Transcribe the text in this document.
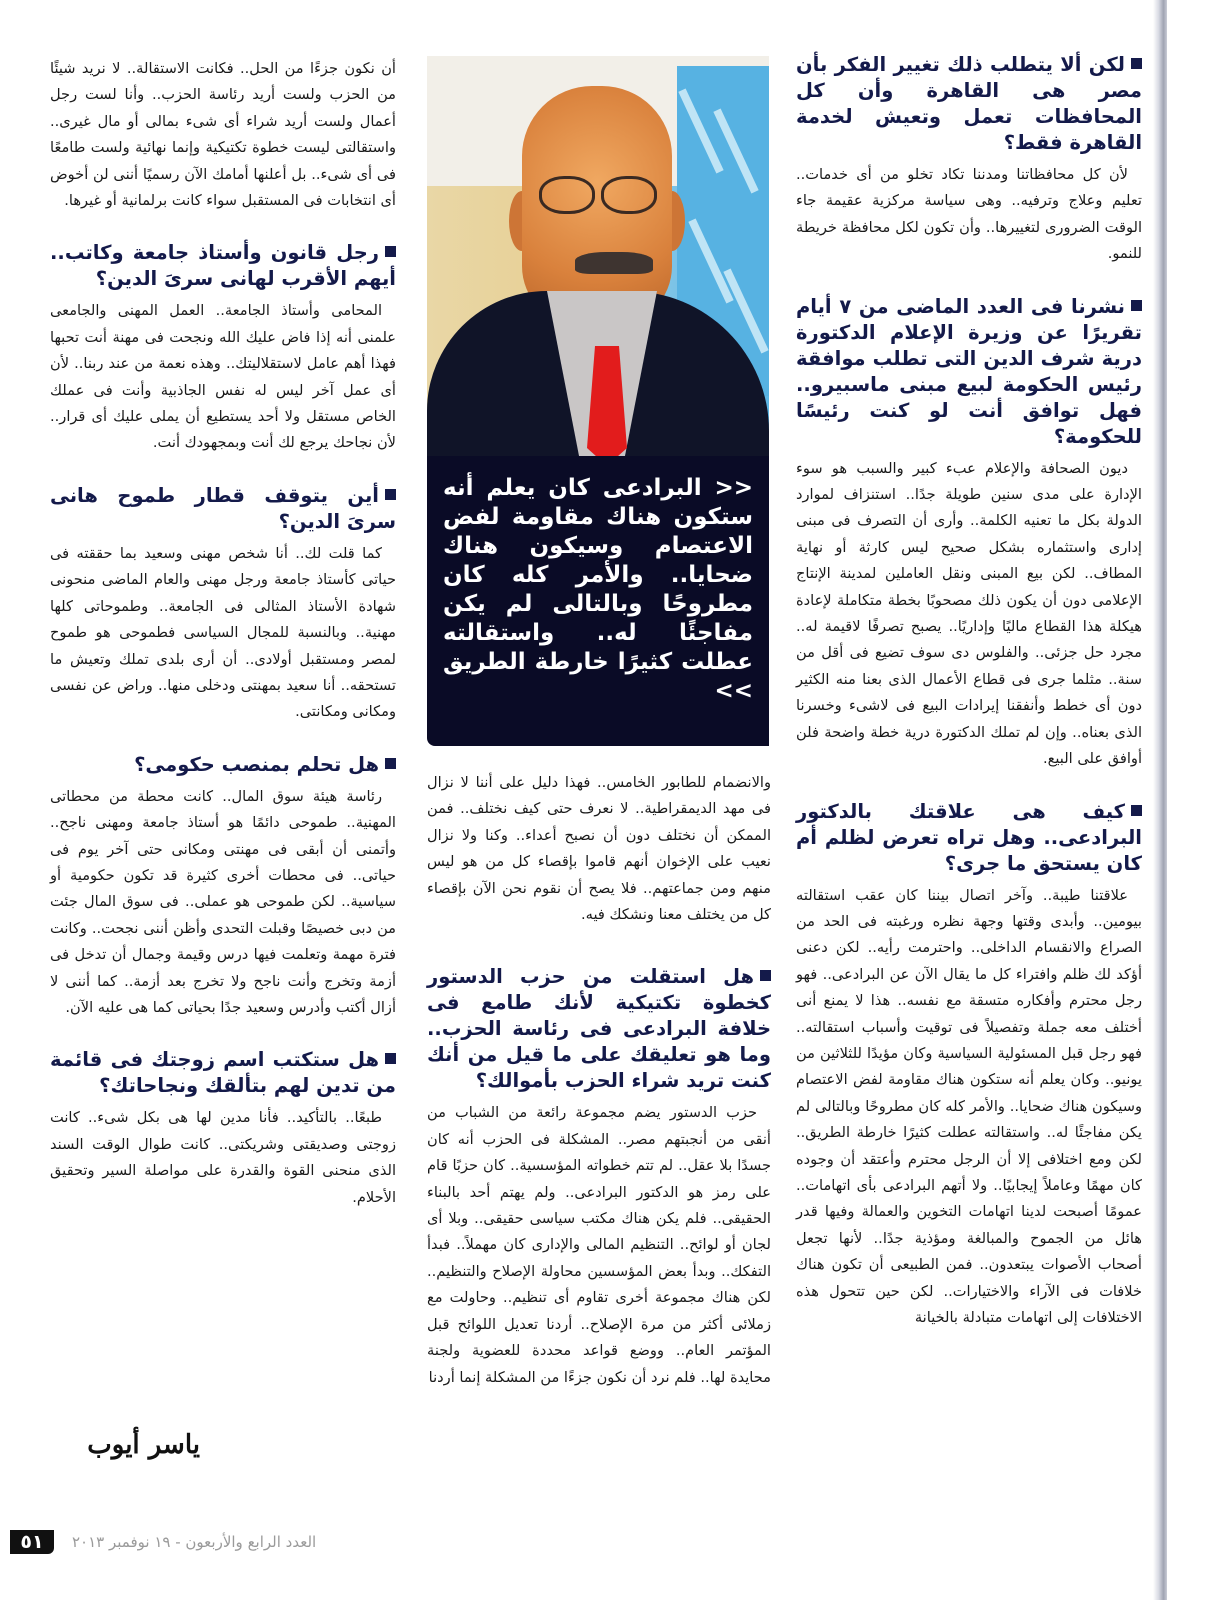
لكن ألا يتطلب ذلك تغيير الفكر بأن مصر هى القاهرة وأن كل المحافظات تعمل وتعيش لخدمة القاهرة فقط؟

لأن كل محافظاتنا ومدننا تكاد تخلو من أى خدمات.. تعليم وعلاج وترفيه.. وهى سياسة مركزية عقيمة جاء الوقت الضرورى لتغييرها.. وأن تكون لكل محافظة خريطة للنمو.

نشرنا فى العدد الماضى من ٧ أيام تقريرًا عن وزيرة الإعلام الدكتورة درية شرف الدين التى تطلب موافقة رئيس الحكومة لبيع مبنى ماسبيرو.. فهل توافق أنت لو كنت رئيسًا للحكومة؟

ديون الصحافة والإعلام عبء كبير والسبب هو سوء الإدارة على مدى سنين طويلة جدًا.. استنزاف لموارد الدولة بكل ما تعنيه الكلمة.. وأرى أن التصرف فى مبنى إدارى واستثماره بشكل صحيح ليس كارثة أو نهاية المطاف.. لكن بيع المبنى ونقل العاملين لمدينة الإنتاج الإعلامى دون أن يكون ذلك مصحوبًا بخطة متكاملة لإعادة هيكلة هذا القطاع ماليًا وإداريًا.. يصبح تصرفًا لاقيمة له.. مجرد حل جزئى.. والفلوس دى سوف تضيع فى أقل من سنة.. مثلما جرى فى قطاع الأعمال الذى بعنا منه الكثير دون أى خطط وأنفقنا إيرادات البيع فى لاشىء وخسرنا الذى بعناه.. وإن لم تملك الدكتورة درية خطة واضحة فلن أوافق على البيع.

كيف هى علاقتك بالدكتور البرادعى.. وهل تراه تعرض لظلم أم كان يستحق ما جرى؟

علاقتنا طيبة.. وآخر اتصال بيننا كان عقب استقالته بيومين.. وأبدى وقتها وجهة نظره ورغبته فى الحد من الصراع والانقسام الداخلى.. واحترمت رأيه.. لكن دعنى أؤكد لك ظلم وافتراء كل ما يقال الآن عن البرادعى.. فهو رجل محترم وأفكاره متسقة مع نفسه.. هذا لا يمنع أنى أختلف معه جملة وتفصيلاً فى توقيت وأسباب استقالته.. فهو رجل قبل المسئولية السياسية وكان مؤيدًا للثلاثين من يونيو.. وكان يعلم أنه ستكون هناك مقاومة لفض الاعتصام وسيكون هناك ضحايا.. والأمر كله كان مطروحًا وبالتالى لم يكن مفاجئًا له.. واستقالته عطلت كثيرًا خارطة الطريق.. لكن ومع اختلافى إلا أن الرجل محترم وأعتقد أن وجوده كان مهمًا وعاملاً إيجابيًا.. ولا أتهم البرادعى بأى اتهامات.. عمومًا أصبحت لدينا اتهامات التخوين والعمالة وفيها قدر هائل من الجموح والمبالغة ومؤذية جدًا.. لأنها تجعل أصحاب الأصوات يبتعدون.. فمن الطبيعى أن تكون هناك خلافات فى الآراء والاختيارات.. لكن حين تتحول هذه الاختلافات إلى اتهامات متبادلة بالخيانة

<< البرادعى كان يعلم أنه ستكون هناك مقاومة لفض الاعتصام وسيكون هناك ضحايا.. والأمر كله كان مطروحًا وبالتالى لم يكن مفاجئًا له.. واستقالته عطلت كثيرًا خارطة الطريق >>

والانضمام للطابور الخامس.. فهذا دليل على أننا لا نزال فى مهد الديمقراطية.. لا نعرف حتى كيف نختلف.. فمن الممكن أن نختلف دون أن نصبح أعداء.. وكنا ولا نزال نعيب على الإخوان أنهم قاموا بإقصاء كل من هو ليس منهم ومن جماعتهم.. فلا يصح أن نقوم نحن الآن بإقصاء كل من يختلف معنا ونشكك فيه.

هل استقلت من حزب الدستور كخطوة تكتيكية لأنك طامع فى خلافة البرادعى فى رئاسة الحزب.. وما هو تعليقك على ما قيل من أنك كنت تريد شراء الحزب بأموالك؟

حزب الدستور يضم مجموعة رائعة من الشباب من أنقى من أنجبتهم مصر.. المشكلة فى الحزب أنه كان جسدًا بلا عقل.. لم تتم خطواته المؤسسية.. كان حزبًا قام على رمز هو الدكتور البرادعى.. ولم يهتم أحد بالبناء الحقيقى.. فلم يكن هناك مكتب سياسى حقيقى.. وبلا أى لجان أو لوائح.. التنظيم المالى والإدارى كان مهملاً.. فبدأ التفكك.. وبدأ بعض المؤسسين محاولة الإصلاح والتنظيم.. لكن هناك مجموعة أخرى تقاوم أى تنظيم.. وحاولت مع زملائى أكثر من مرة الإصلاح.. أردنا تعديل اللوائح قبل المؤتمر العام.. ووضع قواعد محددة للعضوية ولجنة محايدة لها.. فلم نرد أن نكون جزءًا من المشكلة إنما أردنا

أن نكون جزءًا من الحل.. فكانت الاستقالة.. لا نريد شيئًا من الحزب ولست أريد رئاسة الحزب.. وأنا لست رجل أعمال ولست أريد شراء أى شىء بمالى أو مال غيرى.. واستقالتى ليست خطوة تكتيكية وإنما نهائية ولست طامعًا فى أى شىء.. بل أعلنها أمامك الآن رسميًا أننى لن أخوض أى انتخابات فى المستقبل سواء كانت برلمانية أو غيرها.

رجل قانون وأستاذ جامعة وكاتب.. أيهم الأقرب لهانى سرىَ الدين؟

المحامى وأستاذ الجامعة.. العمل المهنى والجامعى علمنى أنه إذا فاض عليك الله ونجحت فى مهنة أنت تحبها فهذا أهم عامل لاستقلاليتك.. وهذه نعمة من عند ربنا.. لأن أى عمل آخر ليس له نفس الجاذبية وأنت فى عملك الخاص مستقل ولا أحد يستطيع أن يملى عليك أى قرار.. لأن نجاحك يرجع لك أنت وبمجهودك أنت.

أين يتوقف قطار طموح هانى سرىَ الدين؟

كما قلت لك.. أنا شخص مهنى وسعيد بما حققته فى حياتى كأستاذ جامعة ورجل مهنى والعام الماضى منحونى شهادة الأستاذ المثالى فى الجامعة.. وطموحاتى كلها مهنية.. وبالنسبة للمجال السياسى فطموحى هو طموح لمصر ومستقبل أولادى.. أن أرى بلدى تملك وتعيش ما تستحقه.. أنا سعيد بمهنتى ودخلى منها.. وراض عن نفسى ومكانى ومكانتى.

هل تحلم بمنصب حكومى؟

رئاسة هيئة سوق المال.. كانت محطة من محطاتى المهنية.. طموحى دائمًا هو أستاذ جامعة ومهنى ناجح.. وأتمنى أن أبقى فى مهنتى ومكانى حتى آخر يوم فى حياتى.. فى محطات أخرى كثيرة قد تكون حكومية أو سياسية.. لكن طموحى هو عملى.. فى سوق المال جئت من دبى خصيصًا وقبلت التحدى وأظن أننى نجحت.. وكانت فترة مهمة وتعلمت فيها درس وقيمة وجمال أن تدخل فى أزمة وتخرج وأنت ناجح ولا تخرج بعد أزمة.. كما أننى لا أزال أكتب وأدرس وسعيد جدًا بحياتى كما هى عليه الآن.

هل ستكتب اسم زوجتك فى قائمة من تدين لهم بتألقك ونجاحاتك؟

طبعًا.. بالتأكيد.. فأنا مدين لها هى بكل شىء.. كانت زوجتى وصديقتى وشريكتى.. كانت طوال الوقت السند الذى منحنى القوة والقدرة على مواصلة السير وتحقيق الأحلام.

ياسر أيوب
٥١	العدد الرابع والأربعون - ١٩ نوفمبر ٢٠١٣
